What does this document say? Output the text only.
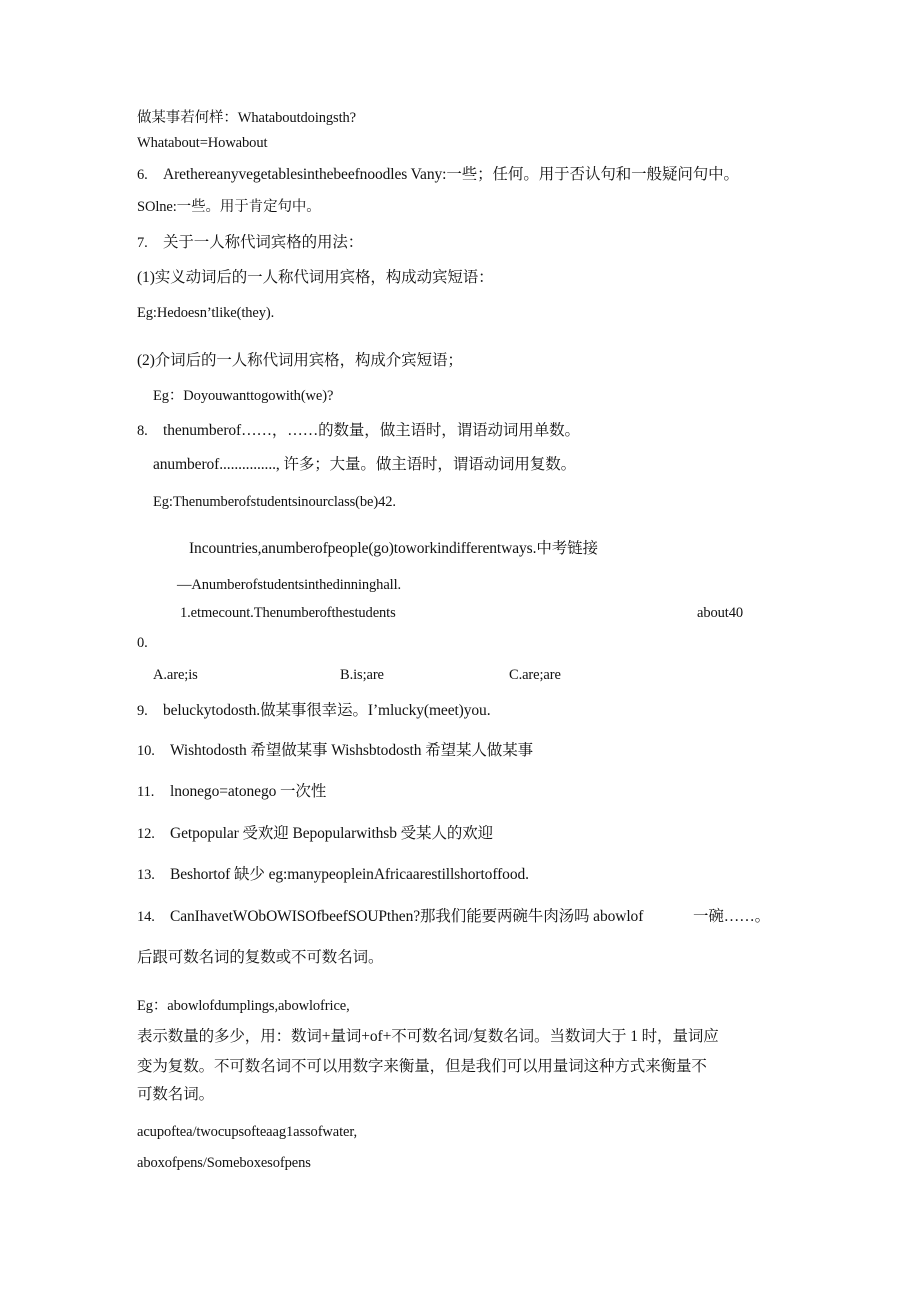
做某事若何样：Whataboutdoingsth?
Whatabout=Howabout
6. Arethereanyvegetablesinthebeefnoodles Vany:一些；任何。用于否认句和一般疑问句中。
SOlne:一些。用于肯定句中。
7. 关于一人称代词宾格的用法：
(1)实义动词后的一人称代词用宾格，构成动宾短语：
Eg:Hedoesn’tlike(they).
(2)介词后的一人称代词用宾格，构成介宾短语；
Eg：Doyouwanttogowith(we)?
8. thenumberof……，……的数量，做主语时，谓语动词用单数。
anumberof..............., 许多；大量。做主语时，谓语动词用复数。
Eg:Thenumberofstudentsinourclass(be)42.
Incountries,anumberofpeople(go)toworkindifferentways.中考链接
—Anumberofstudentsinthedinninghall.
1.etmecount.Thenumberofthestudents	about40
0.
A.are;is	B.is;are	C.are;are
9. beluckytodosth.做某事很幸运。I’mlucky(meet)you.
10. Wishtodosth 希望做某事 Wishsbtodosth 希望某人做某事
11. lnonego=atonego 一次性
12. Getpopular 受欢迎 Bepopularwithsb 受某人的欢迎
13. Beshortof 缺少 eg:manypeopleinAfricaarestillshortoffood.
14. CanIhavetWObOWISOfbeefSOUPthen?那我们能要两碗牛肉汤吗 abowlof	一碗……。
后跟可数名词的复数或不可数名词。
Eg：abowlofdumplings,abowlofrice,
表示数量的多少，用：数词+量词+of+不可数名词/复数名词。当数词大于 1 时，量词应
变为复数。不可数名词不可以用数字来衡量，但是我们可以用量词这种方式来衡量不
可数名词。
acupoftea/twocupsofteaag1assofwater,
aboxofpens/Someboxesofpens
